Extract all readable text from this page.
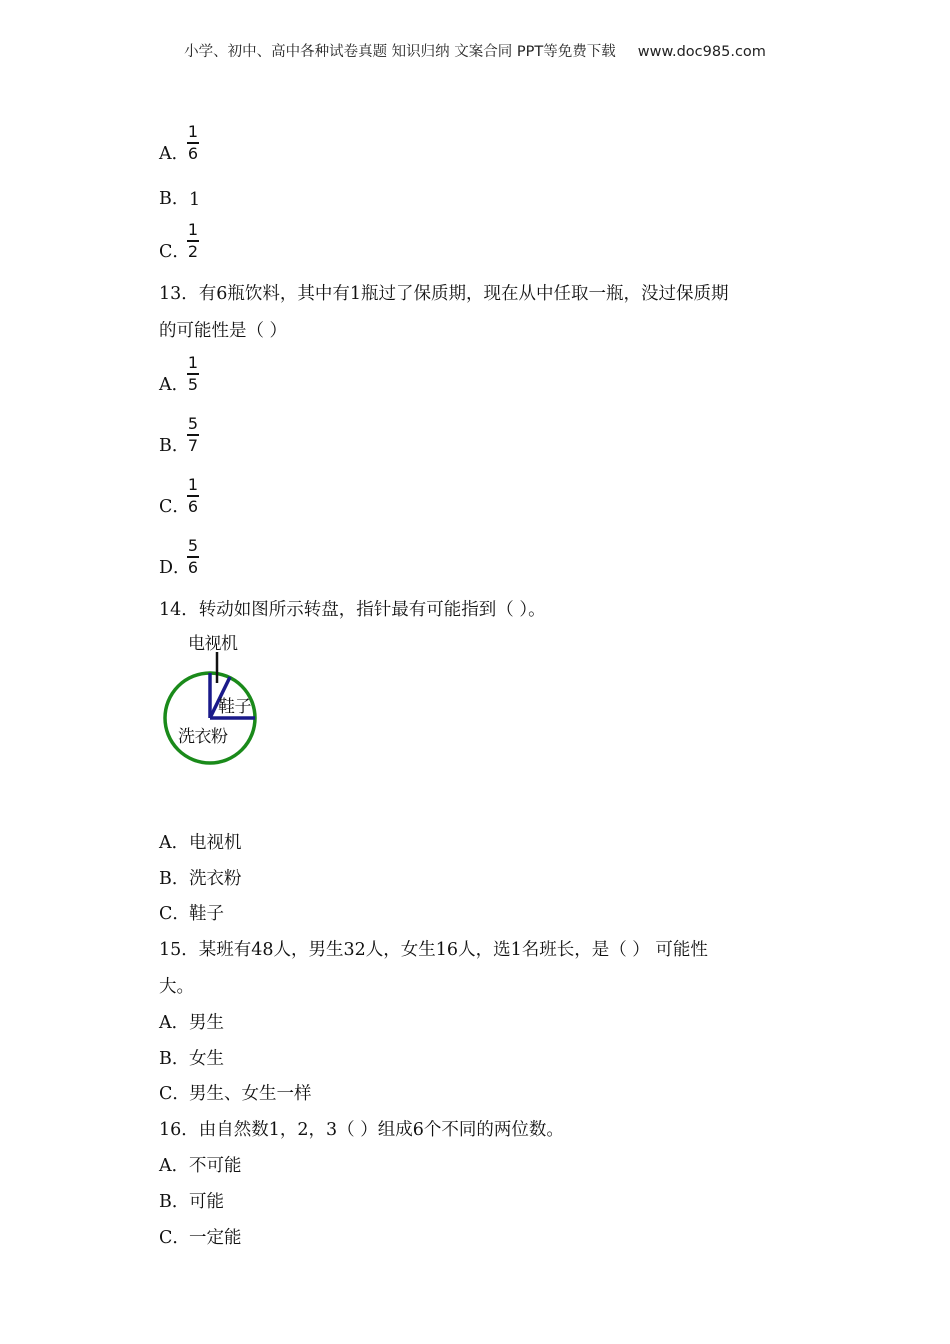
小学、初中、高中各种试卷真题 知识归纳 文案合同 PPT等免费下载 www.doc985.com
A．
$\frac{1}{6}$
B． 1
C．
$\frac{1}{2}$
13．有6瓶饮料，其中有1瓶过了保质期，现在从中任取一瓶，没过保质期
的可能性是（ ）
A．
$\frac{1}{5}$
B．
$\frac{5}{7}$
C．
$\frac{1}{6}$
D．
$\frac{5}{6}$
14．转动如图所示转盘，指针最有可能指到（ ）。
电视机
鞋子
洗衣粉
A． 电视机
B． 洗衣粉
C． 鞋子
15．某班有48人，男生32人，女生16人，选1名班长，是（ ） 可能性
大。
A． 男生
B． 女生
C． 男生、女生一样
16．由自然数1，2，3（ ）组成6个不同的两位数。
A． 不可能
B． 可能
C． 一定能
